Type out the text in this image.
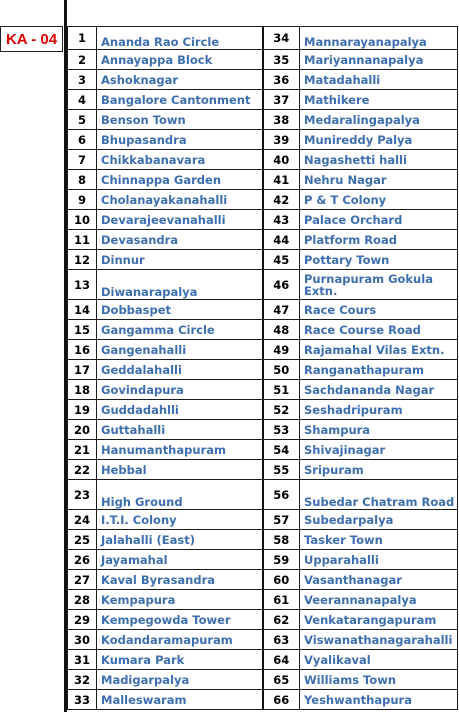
KA - 04	1	Ananda Rao Circle	34	Mannarayanapalya
2	Annayappa Block	35	Mariyannanapalya
3	Ashoknagar	36	Matadahalli
4	Bangalore Cantonment	37	Mathikere
5	Benson Town	38	Medaralingapalya
6	Bhupasandra	39	Munireddy Palya
7	Chikkabanavara	40	Nagashetti halli
8	Chinnappa Garden	41	Nehru Nagar
9	Cholanayakanahalli	42	P & T Colony
10	Devarajeevanahalli	43	Palace Orchard
11	Devasandra	44	Platform Road
12	Dinnur	45	Pottary Town
13	Diwanarapalya	46	Purnapuram Gokula Extn.
14	Dobbaspet	47	Race Cours
15	Gangamma Circle	48	Race Course Road
16	Gangenahalli	49	Rajamahal Vilas Extn.
17	Geddalahalli	50	Ranganathapuram
18	Govindapura	51	Sachdananda Nagar
19	Guddadahlli	52	Seshadripuram
20	Guttahalli	53	Shampura
21	Hanumanthapuram	54	Shivajinagar
22	Hebbal	55	Sripuram
23	High Ground	56	Subedar Chatram Road
24	I.T.I. Colony	57	Subedarpalya
25	Jalahalli (East)	58	Tasker Town
26	Jayamahal	59	Upparahalli
27	Kaval Byrasandra	60	Vasanthanagar
28	Kempapura	61	Veerannanapalya
29	Kempegowda Tower	62	Venkatarangapuram
30	Kodandaramapuram	63	Viswanathanagarahalli
31	Kumara Park	64	Vyalikaval
32	Madigarpalya	65	Williams Town
33	Malleswaram	66	Yeshwanthapura
